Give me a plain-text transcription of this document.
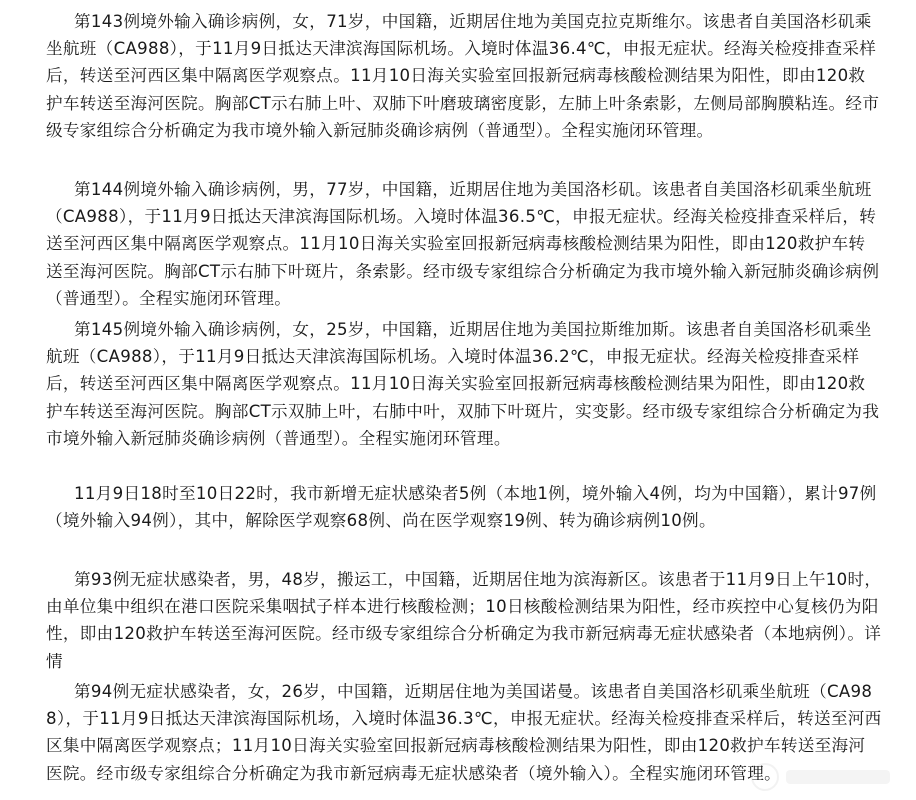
第143例境外输入确诊病例，女，71岁，中国籍，近期居住地为美国克拉克斯维尔。该患者自美国洛杉矶乘坐航班（CA988），于11月9日抵达天津滨海国际机场。入境时体温36.4℃，申报无症状。经海关检疫排查采样后，转送至河西区集中隔离医学观察点。11月10日海关实验室回报新冠病毒核酸检测结果为阳性，即由120救护车转送至海河医院。胸部CT示右肺上叶、双肺下叶磨玻璃密度影，左肺上叶条索影，左侧局部胸膜粘连。经市级专家组综合分析确定为我市境外输入新冠肺炎确诊病例（普通型）。全程实施闭环管理。

第144例境外输入确诊病例，男，77岁，中国籍，近期居住地为美国洛杉矶。该患者自美国洛杉矶乘坐航班（CA988），于11月9日抵达天津滨海国际机场。入境时体温36.5℃，申报无症状。经海关检疫排查采样后，转送至河西区集中隔离医学观察点。11月10日海关实验室回报新冠病毒核酸检测结果为阳性，即由120救护车转送至海河医院。胸部CT示右肺下叶斑片，条索影。经市级专家组综合分析确定为我市境外输入新冠肺炎确诊病例（普通型）。全程实施闭环管理。

第145例境外输入确诊病例，女，25岁，中国籍，近期居住地为美国拉斯维加斯。该患者自美国洛杉矶乘坐航班（CA988），于11月9日抵达天津滨海国际机场。入境时体温36.2℃，申报无症状。经海关检疫排查采样后，转送至河西区集中隔离医学观察点。11月10日海关实验室回报新冠病毒核酸检测结果为阳性，即由120救护车转送至海河医院。胸部CT示双肺上叶，右肺中叶，双肺下叶斑片，实变影。经市级专家组综合分析确定为我市境外输入新冠肺炎确诊病例（普通型）。全程实施闭环管理。

11月9日18时至10日22时，我市新增无症状感染者5例（本地1例，境外输入4例，均为中国籍），累计97例（境外输入94例），其中，解除医学观察68例、尚在医学观察19例、转为确诊病例10例。

第93例无症状感染者，男，48岁，搬运工，中国籍，近期居住地为滨海新区。该患者于11月9日上午10时，由单位集中组织在港口医院采集咽拭子样本进行核酸检测；10日核酸检测结果为阳性，经市疾控中心复核仍为阳性，即由120救护车转送至海河医院。经市级专家组综合分析确定为我市新冠病毒无症状感染者（本地病例）。详情

第94例无症状感染者，女，26岁，中国籍，近期居住地为美国诺曼。该患者自美国洛杉矶乘坐航班（CA988），于11月9日抵达天津滨海国际机场，入境时体温36.3℃，申报无症状。经海关检疫排查采样后，转送至河西区集中隔离医学观察点；11月10日海关实验室回报新冠病毒核酸检测结果为阳性，即由120救护车转送至海河医院。经市级专家组综合分析确定为我市新冠病毒无症状感染者（境外输入）。全程实施闭环管理。
